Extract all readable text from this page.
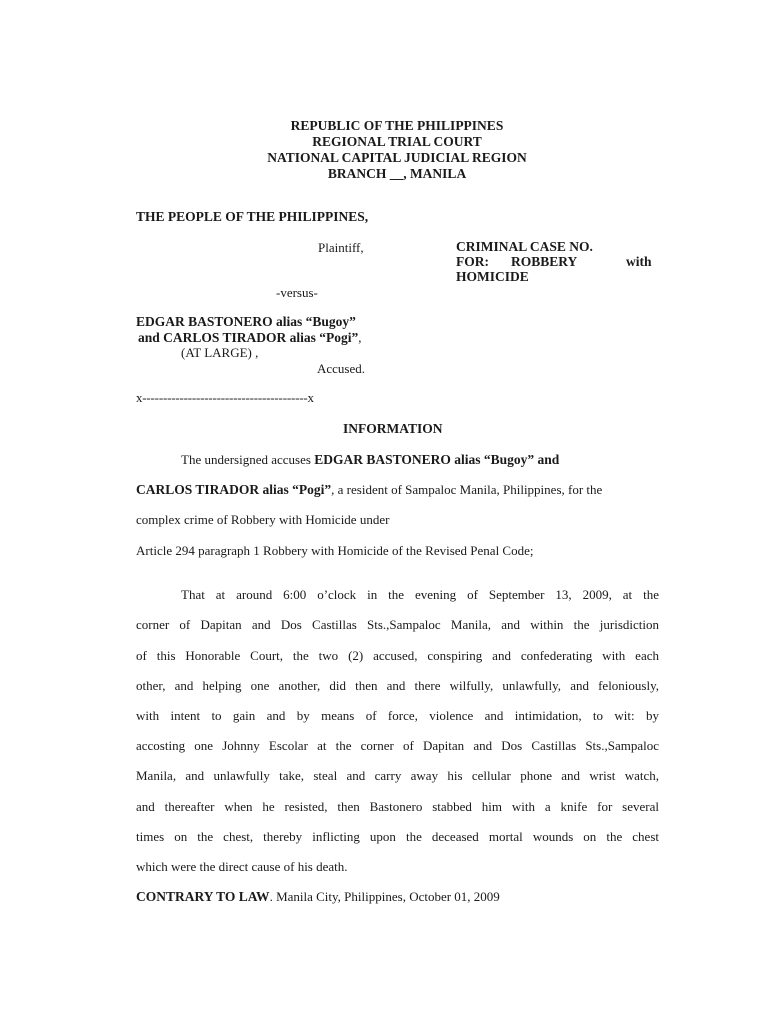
REPUBLIC OF THE PHILIPPINES
REGIONAL TRIAL COURT
NATIONAL CAPITAL JUDICIAL REGION
BRANCH __, MANILA
THE PEOPLE OF THE PHILIPPINES,
Plaintiff,	CRIMINAL CASE NO.
FOR: ROBBERY	with
HOMICIDE
-versus-
EDGAR BASTONERO alias “Bugoy”
and CARLOS TIRADOR alias “Pogi”,
(AT LARGE) ,
Accused.
x----------------------------------------x
INFORMATION
The undersigned accuses EDGAR BASTONERO alias “Bugoy” and
CARLOS TIRADOR alias “Pogi”, a resident of Sampaloc Manila, Philippines, for the
complex crime of Robbery with Homicide under
Article 294 paragraph 1 Robbery with Homicide of the Revised Penal Code;
That at around 6:00 o’clock in the evening of September 13, 2009, at the
corner of Dapitan and Dos Castillas Sts.,Sampaloc Manila, and within the jurisdiction
of this Honorable Court, the two (2) accused, conspiring and confederating with each
other, and helping one another, did then and there wilfully, unlawfully, and feloniously,
with intent to gain and by means of force, violence and intimidation, to wit: by
accosting one Johnny Escolar at the corner of Dapitan and Dos Castillas Sts.,Sampaloc
Manila, and unlawfully take, steal and carry away his cellular phone and wrist watch,
and thereafter when he resisted, then Bastonero stabbed him with a knife for several
times on the chest, thereby inflicting upon the deceased mortal wounds on the chest
which were the direct cause of his death.
CONTRARY TO LAW. Manila City, Philippines, October 01, 2009
